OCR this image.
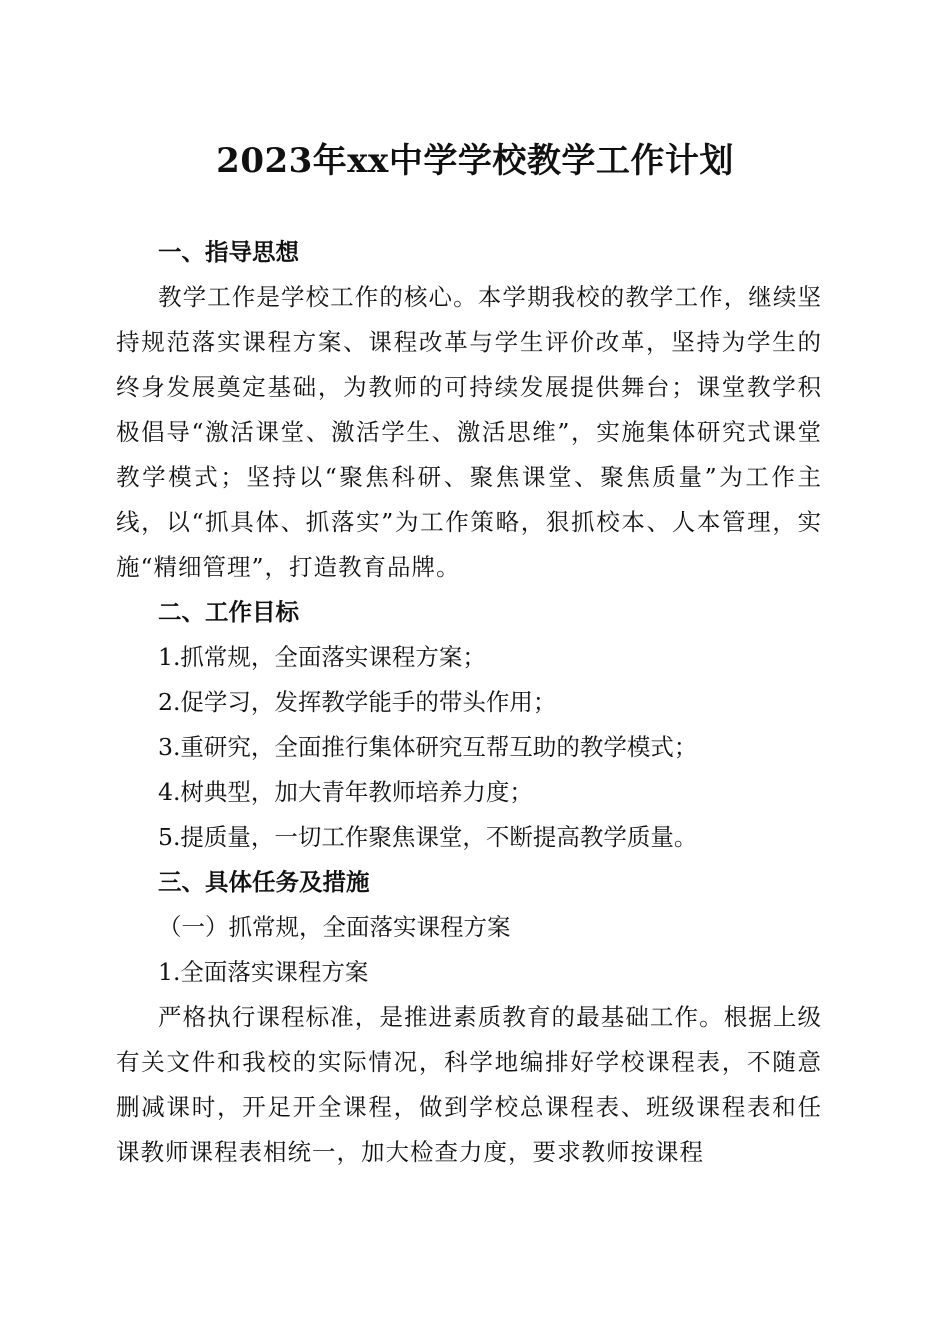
2023年xx中学学校教学工作计划

一、指导思想

教学工作是学校工作的核心。本学期我校的教学工作，继续坚持规范落实课程方案、课程改革与学生评价改革，坚持为学生的终身发展奠定基础，为教师的可持续发展提供舞台；课堂教学积极倡导“激活课堂、激活学生、激活思维”，实施集体研究式课堂教学模式；坚持以“聚焦科研、聚焦课堂、聚焦质量”为工作主线，以“抓具体、抓落实”为工作策略，狠抓校本、人本管理，实施“精细管理”，打造教育品牌。

二、工作目标

1.抓常规，全面落实课程方案；

2.促学习，发挥教学能手的带头作用；

3.重研究，全面推行集体研究互帮互助的教学模式；

4.树典型，加大青年教师培养力度；

5.提质量，一切工作聚焦课堂，不断提高教学质量。

三、具体任务及措施

（一）抓常规，全面落实课程方案

1.全面落实课程方案

严格执行课程标准，是推进素质教育的最基础工作。根据上级有关文件和我校的实际情况，科学地编排好学校课程表，不随意删减课时，开足开全课程，做到学校总课程表、班级课程表和任课教师课程表相统一，加大检查力度，要求教师按课程
